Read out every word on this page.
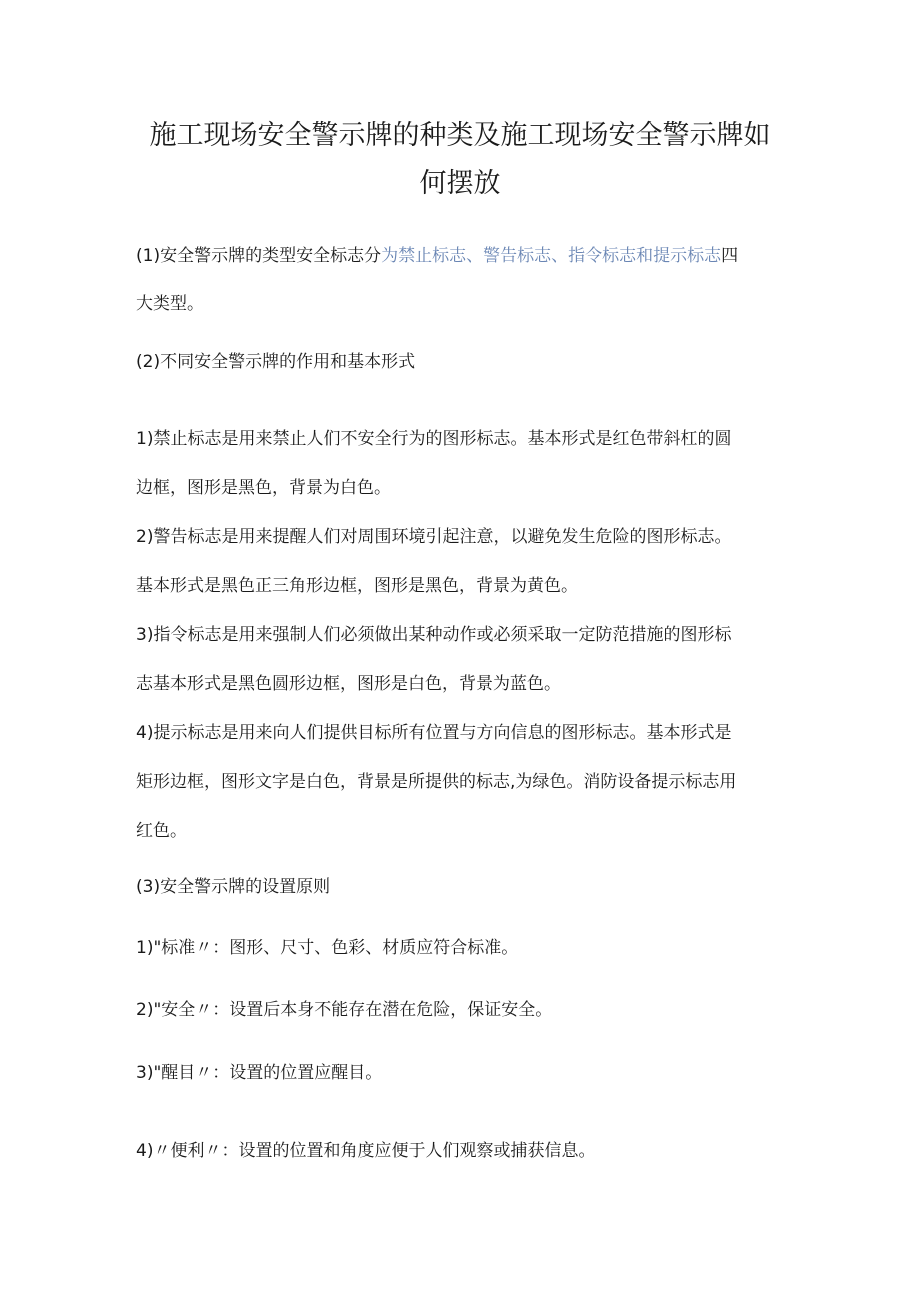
施工现场安全警示牌的种类及施工现场安全警示牌如
何摆放

(1)安全警示牌的类型安全标志分为禁止标志、警告标志、指令标志和提示标志四

大类型。

(2)不同安全警示牌的作用和基本形式

1)禁止标志是用来禁止人们不安全行为的图形标志。基本形式是红色带斜杠的圆

边框，图形是黑色，背景为白色。

2)警告标志是用来提醒人们对周围环境引起注意，以避免发生危险的图形标志。

基本形式是黑色正三角形边框，图形是黑色，背景为黄色。

3)指令标志是用来强制人们必须做出某种动作或必须采取一定防范措施的图形标

志基本形式是黑色圆形边框，图形是白色，背景为蓝色。

4)提示标志是用来向人们提供目标所有位置与方向信息的图形标志。基本形式是

矩形边框，图形文字是白色，背景是所提供的标志,为绿色。消防设备提示标志用

红色。

(3)安全警示牌的设置原则

1)"标准〃：图形、尺寸、色彩、材质应符合标准。

2)"安全〃：设置后本身不能存在潜在危险，保证安全。

3)"醒目〃：设置的位置应醒目。

4)〃便利〃：设置的位置和角度应便于人们观察或捕获信息。
